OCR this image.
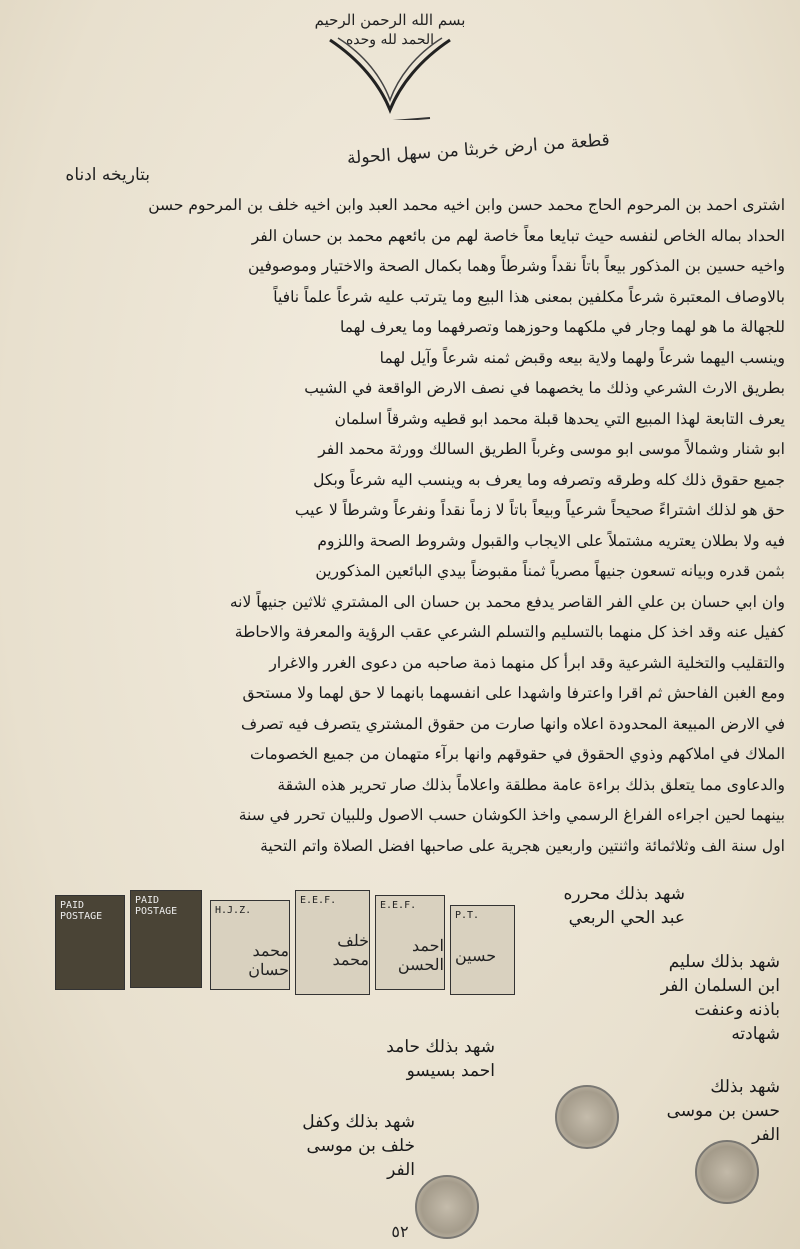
بسم الله الرحمن الرحيم
الحمد لله وحده
قطعة من ارض خربثا من سهل الحولة
بتاريخه ادناه
اشترى احمد بن المرحوم الحاج محمد حسن وابن اخيه محمد العبد وابن اخيه خلف بن المرحوم حسن
الحداد بماله الخاص لنفسه حيث تبايعا معاً خاصة لهم من بائعهم محمد بن حسان الفر
واخيه حسين بن المذكور بيعاً باتاً نقداً وشرطاً وهما بكمال الصحة والاختيار وموصوفين
بالاوصاف المعتبرة شرعاً مكلفين بمعنى هذا البيع وما يترتب عليه شرعاً علماً نافياً
للجهالة ما هو لهما وجار في ملكهما وحوزهما وتصرفهما وما يعرف لهما
وينسب اليهما شرعاً ولهما ولاية بيعه وقبض ثمنه شرعاً وآيل لهما
بطريق الارث الشرعي وذلك ما يخصهما في نصف الارض الواقعة في الشيب
يعرف التابعة لهذا المبيع التي يحدها قبلة محمد ابو قطيه وشرقاً اسلمان
ابو شنار وشمالاً موسى ابو موسى وغرباً الطريق السالك وورثة محمد الفر
جميع حقوق ذلك كله وطرقه وتصرفه وما يعرف به وينسب اليه شرعاً وبكل
حق هو لذلك اشتراءً صحيحاً شرعياً وبيعاً باتاً لا زماً نقداً ونفرعاً وشرطاً لا عيب
فيه ولا بطلان يعتريه مشتملاً على الايجاب والقبول وشروط الصحة واللزوم
بثمن قدره وبيانه تسعون جنيهاً مصرياً ثمناً مقبوضاً بيدي البائعين المذكورين
وان ابي حسان بن علي الفر القاصر يدفع محمد بن حسان الى المشتري ثلاثين جنيهاً لانه
كفيل عنه وقد اخذ كل منهما بالتسليم والتسلم الشرعي عقب الرؤية والمعرفة والاحاطة
والتقليب والتخلية الشرعية وقد ابرأ كل منهما ذمة صاحبه من دعوى الغرر والاغرار
ومع الغبن الفاحش ثم اقرا واعترفا واشهدا على انفسهما بانهما لا حق لهما ولا مستحق
في الارض المبيعة المحدودة اعلاه وانها صارت من حقوق المشتري يتصرف فيه تصرف
الملاك في املاكهم وذوي الحقوق في حقوقهم وانها برآء متهمان من جميع الخصومات
والدعاوى مما يتعلق بذلك براءة عامة مطلقة واعلاماً بذلك صار تحرير هذه الشقة
بينهما لحين اجراءه الفراغ الرسمي واخذ الكوشان حسب الاصول وللبيان تحرر في سنة
اول سنة الف وثلاثمائة واثنتين واربعين هجرية على صاحبها افضل الصلاة واتم التحية
PAID POSTAGE
PAID POSTAGE	H.J.Z.
محمد حسان
E.E.F.
خلف محمد
E.E.F.
احمد الحسن
P.T.
حسين
شهد بذلك محرره
عبد الحي الربعي
شهد بذلك سليم
ابن السلمان الفر
باذنه وعنفت
شهادته
شهد بذلك حامد
احمد بسيسو
شهد بذلك
حسن بن موسى
الفر
شهد بذلك وكفل
خلف بن موسى
الفر
٥٢
